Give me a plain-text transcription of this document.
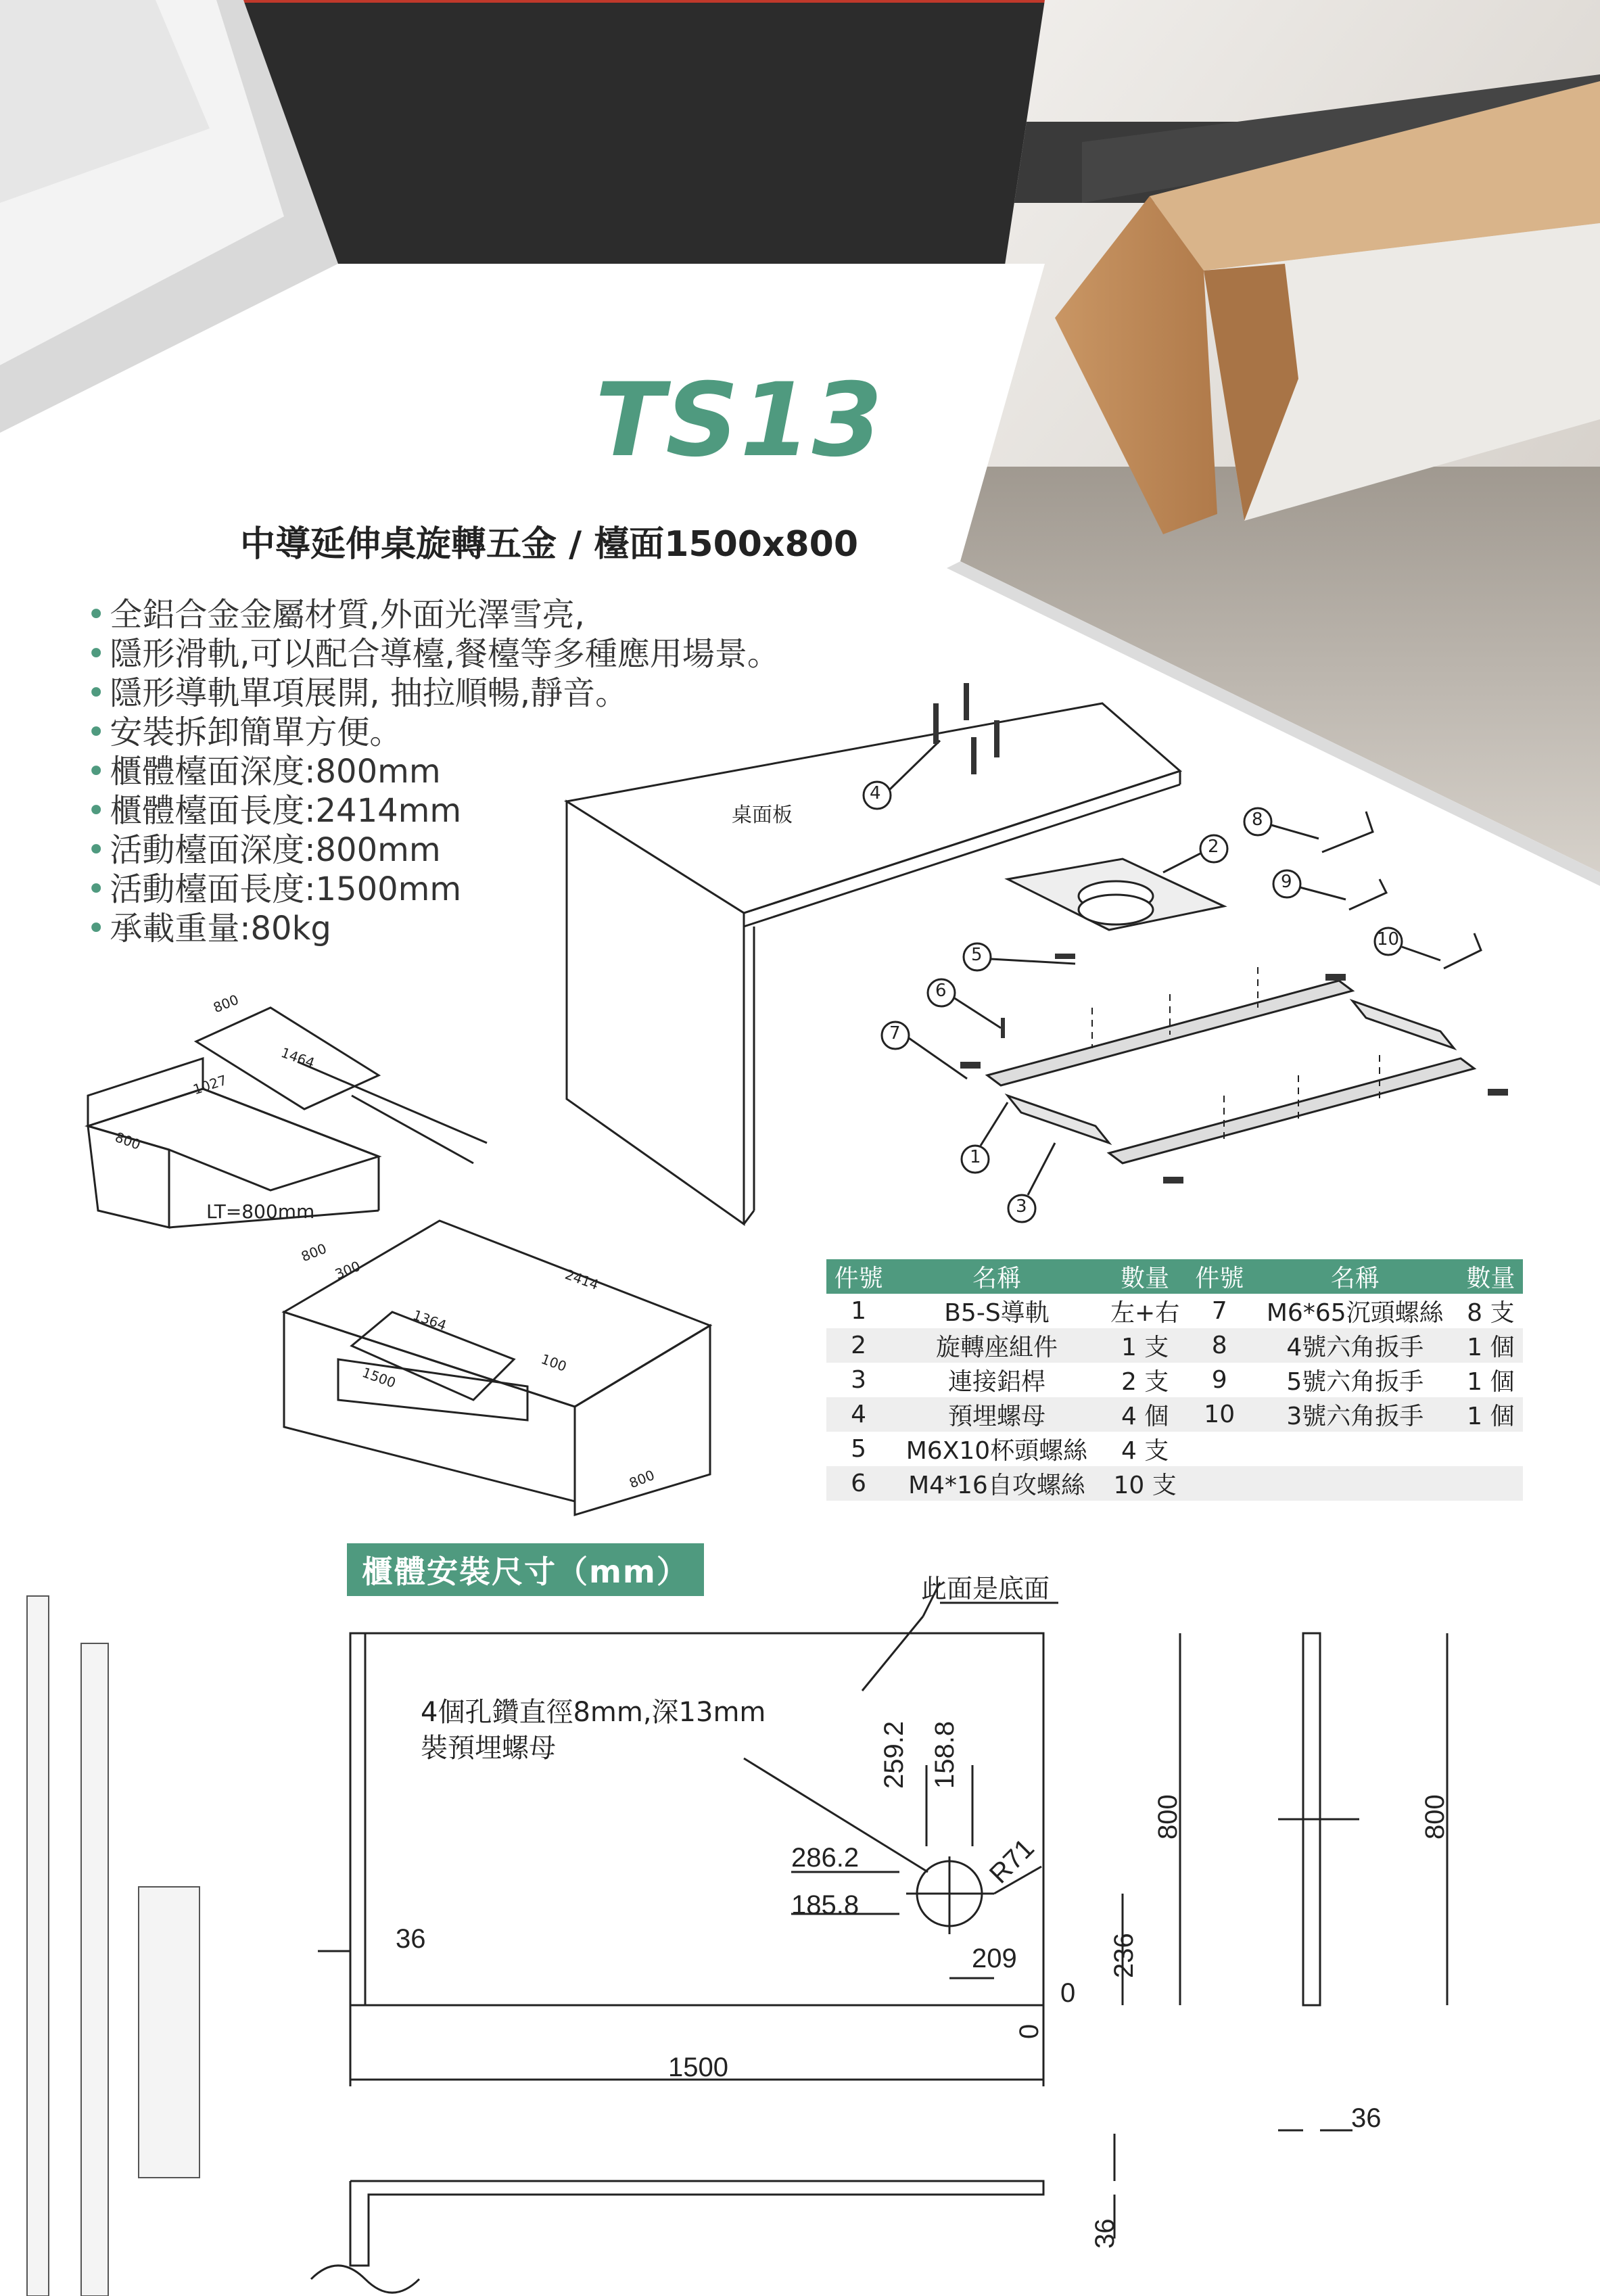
TS13
中導延伸桌旋轉五金 / 檯面1500x800
• 全鋁合金金屬材質,外面光澤雪亮,
• 隱形滑軌,可以配合導檯,餐檯等多種應用場景。
• 隱形導軌單項展開, 抽拉順暢,靜音。
• 安裝拆卸簡單方便。
• 櫃體檯面深度:800mm
• 櫃體檯面長度:2414mm
• 活動檯面深度:800mm
• 活動檯面長度:1500mm
• 承載重量:80kg
桌面板
4
2
8
9
10
5
6
7
1
3
800
1464
1027
800
LT=800mm
800
300	2414
1364
100
1500
800
件號	名稱	數量	件號	名稱	數量
1	B5-S導軌	左+右	7	M6*65沉頭螺絲	8 支
2	旋轉座組件	1 支	8	4號六角扳手	1 個
3	連接鋁桿	2 支	9	5號六角扳手	1 個
4	預埋螺母	4 個	10	3號六角扳手	1 個
5	M6X10杯頭螺絲	4 支			
6	M4*16自攻螺絲	10 支			
櫃體安裝尺寸（mm）	此面是底面
4個孔鑽直徑8mm,深13mm
裝預埋螺母	259.2 158.8
R71
286.2
185.8
36
209	236
800
0
0
1500
800
36
36
